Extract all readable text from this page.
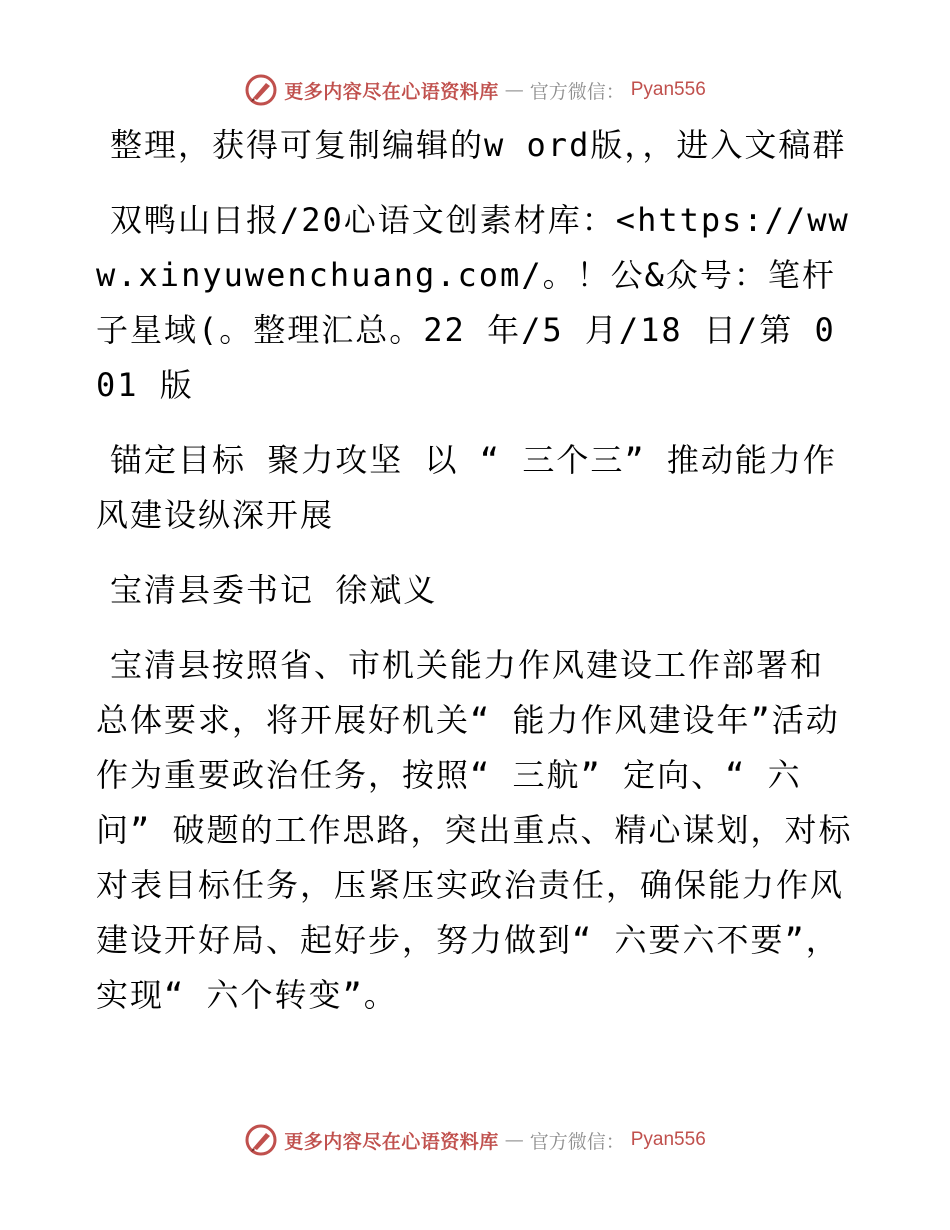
更多内容尽在心语资料库 — 官方微信： Pyan556

整理，获得可复制编辑的w ord版，，进入文稿群

双鸭山日报/20心语文创素材库：<https://www.xinyuwenchuang.com/。！公&众号：笔杆子星域(。整理汇总。22 年/5 月/18 日/第 001 版

锚定目标 聚力攻坚 以 “ 三个三” 推动能力作风建设纵深开展

宝清县委书记 徐斌义

宝清县按照省、市机关能力作风建设工作部署和总体要求，将开展好机关“ 能力作风建设年”活动作为重要政治任务，按照“ 三航” 定向、“ 六问” 破题的工作思路，突出重点、精心谋划，对标对表目标任务，压紧压实政治责任，确保能力作风建设开好局、起好步，努力做到“ 六要六不要”，实现“ 六个转变”。

更多内容尽在心语资料库 — 官方微信： Pyan556
